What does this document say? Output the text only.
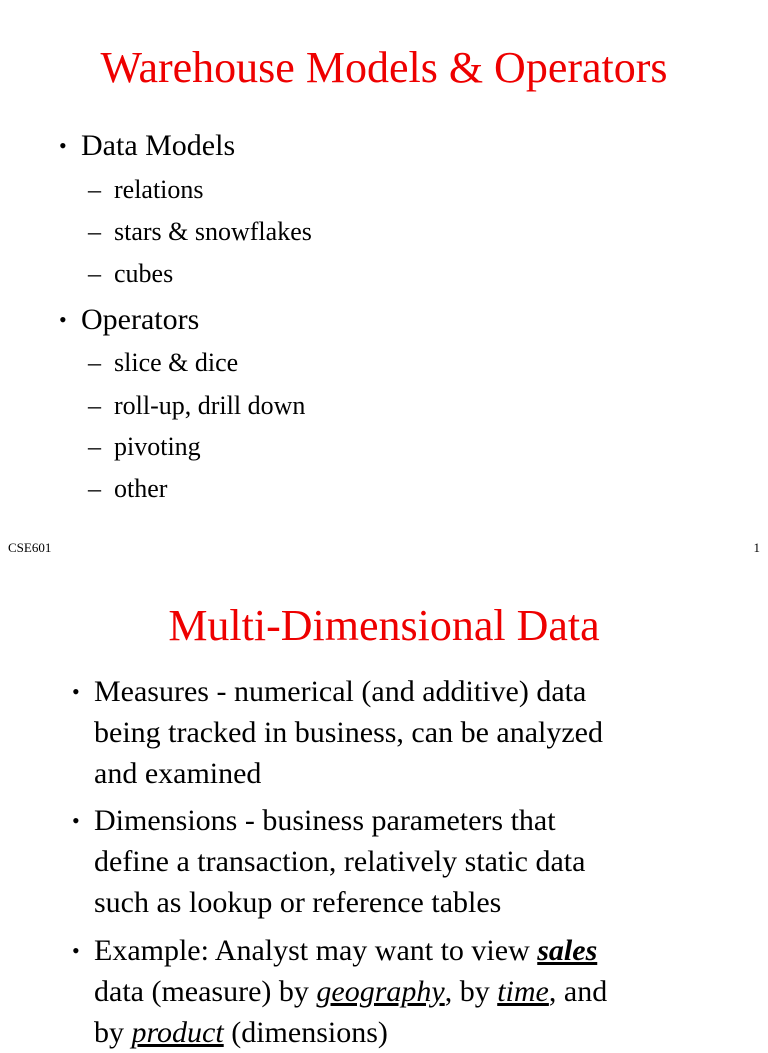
Warehouse Models & Operators
• Data Models
– relations
– stars & snowflakes
– cubes
• Operators
– slice & dice
– roll-up, drill down
– pivoting
– other
CSE601	1
Multi-Dimensional Data
• Measures - numerical (and additive) data
being tracked in business, can be analyzed
and examined
• Dimensions - business parameters that
define a transaction, relatively static data
such as lookup or reference tables
• Example: Analyst may want to view sales
data (measure) by geography, by time, and
by product (dimensions)
